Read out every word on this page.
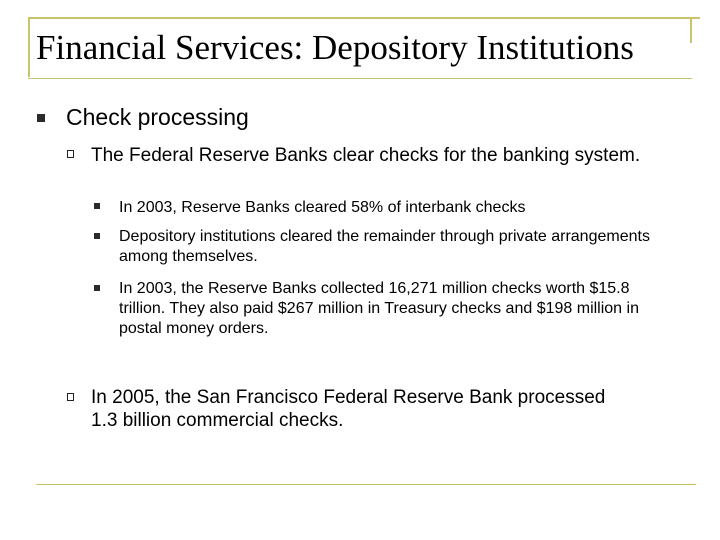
Financial Services: Depository Institutions
Check processing
The Federal Reserve Banks clear checks for the banking system.
In 2003, Reserve Banks cleared 58% of interbank checks
Depository institutions cleared the remainder through private arrangements among themselves.
In 2003, the Reserve Banks collected 16,271 million checks worth $15.8 trillion. They also paid $267 million in Treasury checks and $198 million in postal money orders.
In 2005, the San Francisco Federal Reserve Bank processed 1.3 billion commercial checks.
